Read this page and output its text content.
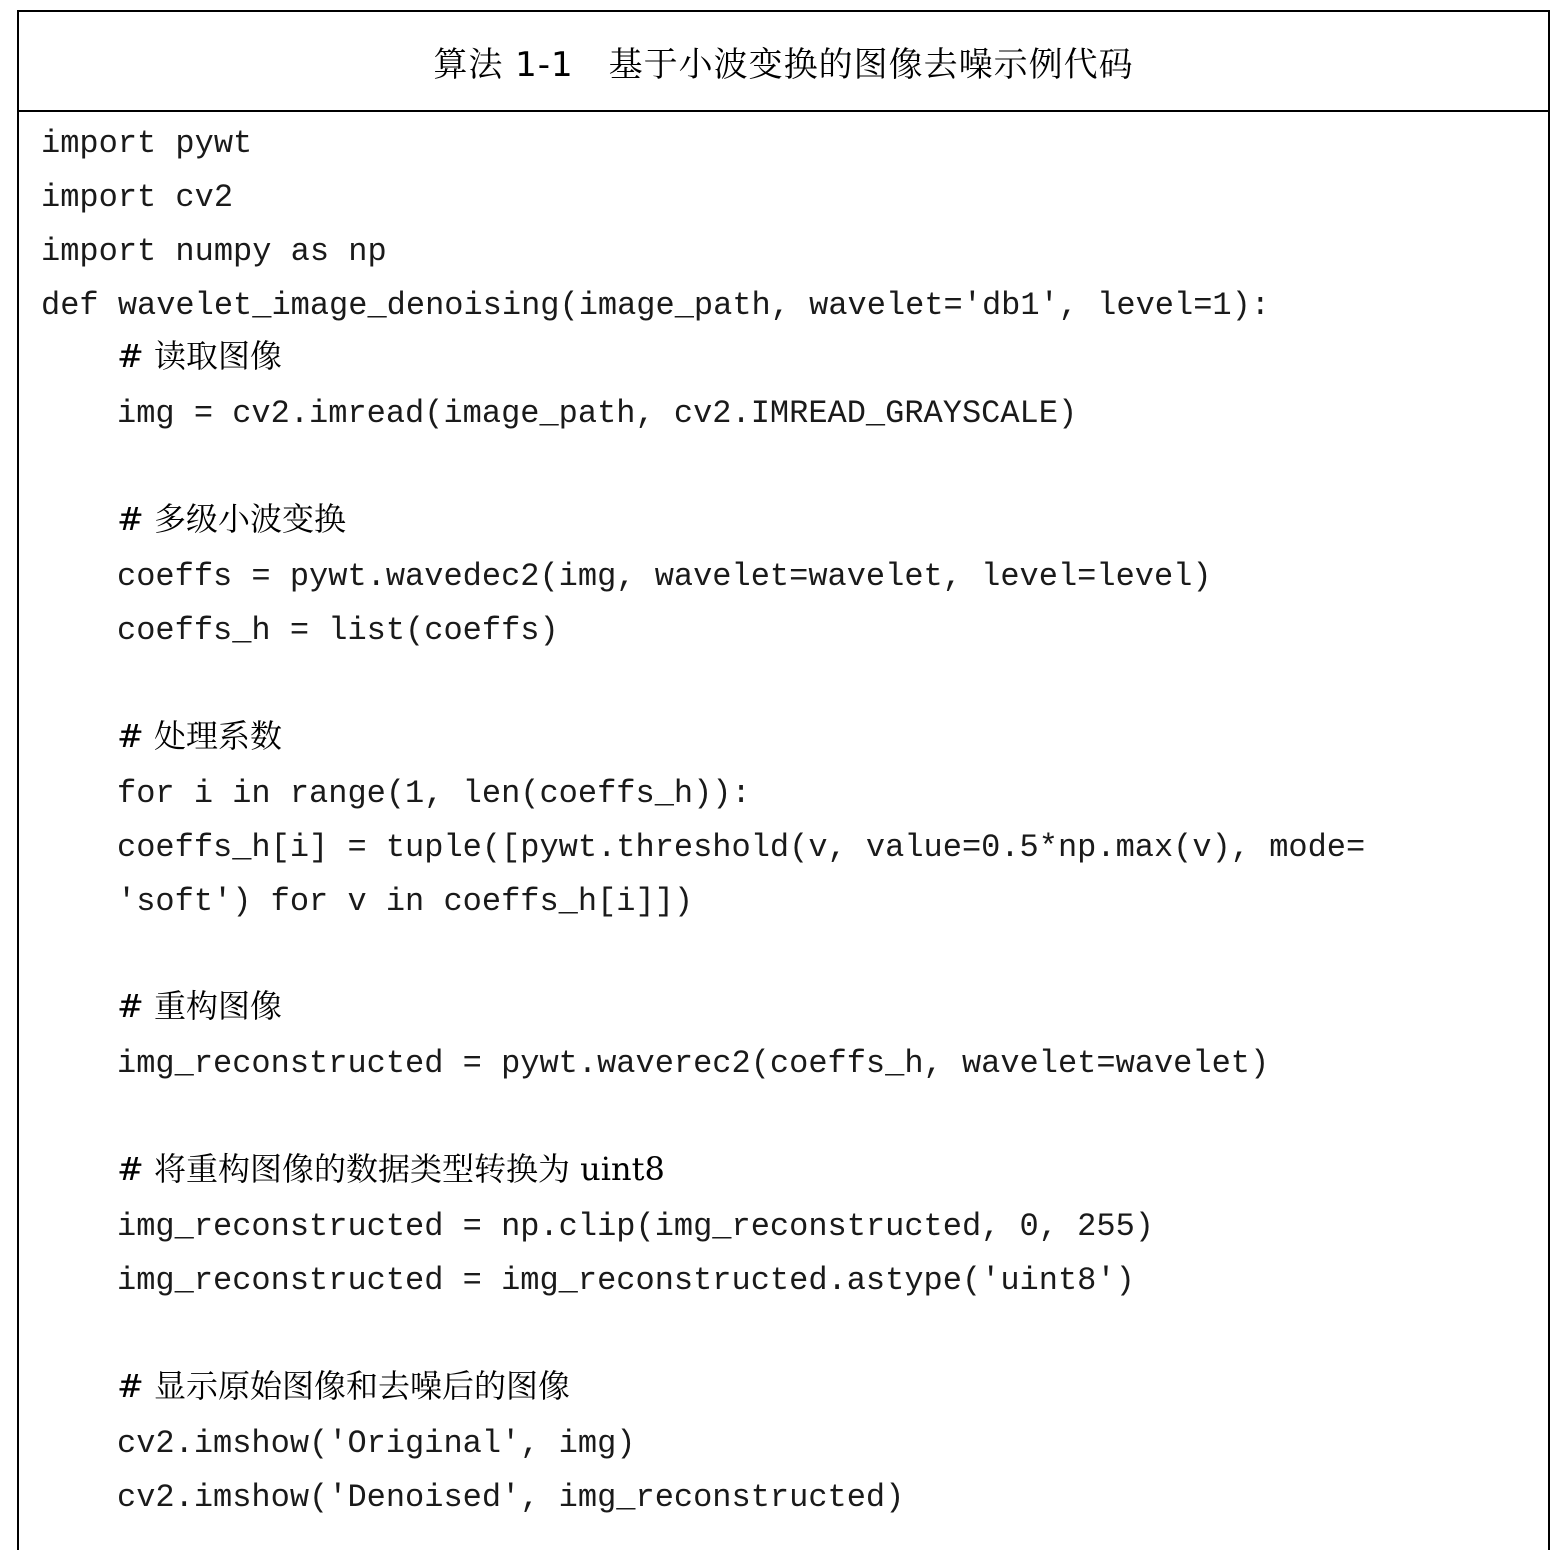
算法 1-1　基于小波变换的图像去噪示例代码
import pywt
import cv2
import numpy as np
def wavelet_image_denoising(image_path, wavelet='db1', level=1):
# 读取图像
img = cv2.imread(image_path, cv2.IMREAD_GRAYSCALE)
# 多级小波变换
coeffs = pywt.wavedec2(img, wavelet=wavelet, level=level)
coeffs_h = list(coeffs)
# 处理系数
for i in range(1, len(coeffs_h)):
coeffs_h[i] = tuple([pywt.threshold(v, value=0.5*np.max(v), mode=
'soft') for v in coeffs_h[i]])
# 重构图像
img_reconstructed = pywt.waverec2(coeffs_h, wavelet=wavelet)
# 将重构图像的数据类型转换为 uint8
img_reconstructed = np.clip(img_reconstructed, 0, 255)
img_reconstructed = img_reconstructed.astype('uint8')
# 显示原始图像和去噪后的图像
cv2.imshow('Original', img)
cv2.imshow('Denoised', img_reconstructed)
